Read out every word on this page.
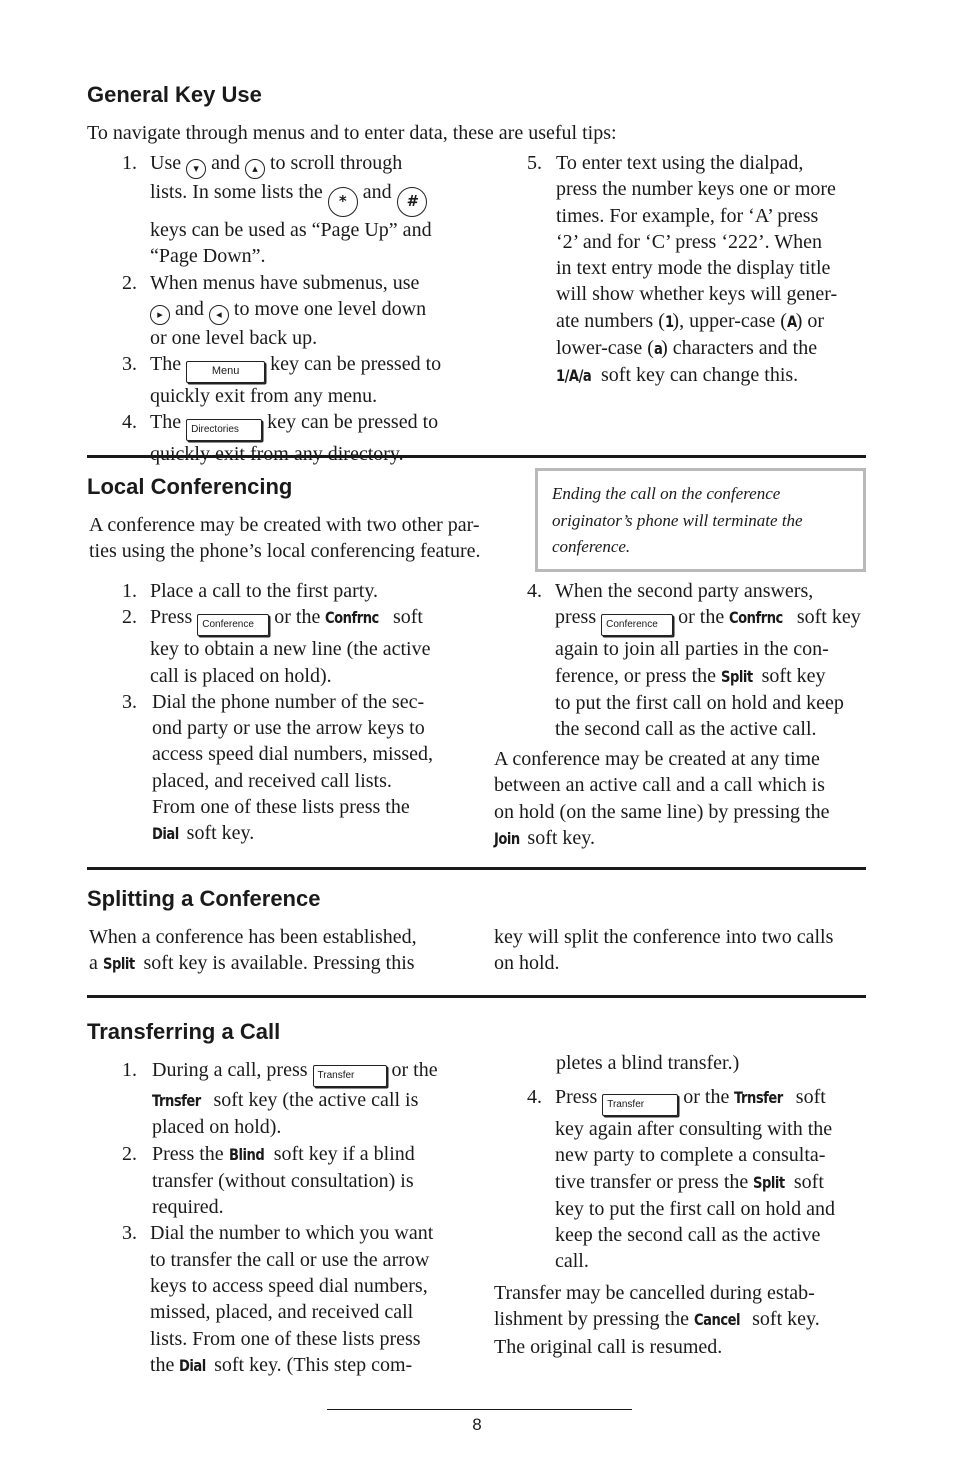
General Key Use

To navigate through menus and to enter data, these are useful tips:

1. Use ▾ and ▴ to scroll through
lists. In some lists the * and #
keys can be used as “Page Up” and
“Page Down”.
2. When menus have submenus, use
▸ and ◂ to move one level down
or one level back up.
3. The	Menu key can be pressed to
quickly exit from any menu.
4. The Directories key can be pressed to
quickly exit from any directory.
5. To enter text using the dialpad,
press the number keys one or more
times. For example, for ‘A’ press
‘2’ and for ‘C’ press ‘222’. When
in text entry mode the display title
will show whether keys will gener-
ate numbers (1), upper-case (A) or
lower-case (a) characters and the
1/A/a soft key can change this.
Local Conferencing
A conference may be created with two other par-
ties using the phone’s local conferencing feature.
Ending the call on the conference
originator’s phone will terminate the
conference.
1. Place a call to the first party.
2. Press Conference or the Confrnc soft
key to obtain a new line (the active
call is placed on hold).
3. Dial the phone number of the sec-
ond party or use the arrow keys to
access speed dial numbers, missed,
placed, and received call lists.
From one of these lists press the
Dial soft key.
4. When the second party answers,
press Conference or the Confrnc soft key
again to join all parties in the con-
ference, or press the Split soft key
to put the first call on hold and keep
the second call as the active call.
A conference may be created at any time
between an active call and a call which is
on hold (on the same line) by pressing the
Join soft key.
Splitting a Conference
When a conference has been established,
a Split soft key is available. Pressing this
key will split the conference into two calls
on hold.
Transferring a Call
1. During a call, press Transfer or the
Trnsfer soft key (the active call is
placed on hold).
2. Press the Blind soft key if a blind
transfer (without consultation) is
required.
3. Dial the number to which you want
to transfer the call or use the arrow
keys to access speed dial numbers,
missed, placed, and received call
lists. From one of these lists press
the Dial soft key. (This step com-
pletes a blind transfer.)
4. Press Transfer or the Trnsfer soft
key again after consulting with the
new party to complete a consulta-
tive transfer or press the Split soft
key to put the first call on hold and
keep the second call as the active
call.
Transfer may be cancelled during estab-
lishment by pressing the Cancel soft key.
The original call is resumed.
8
